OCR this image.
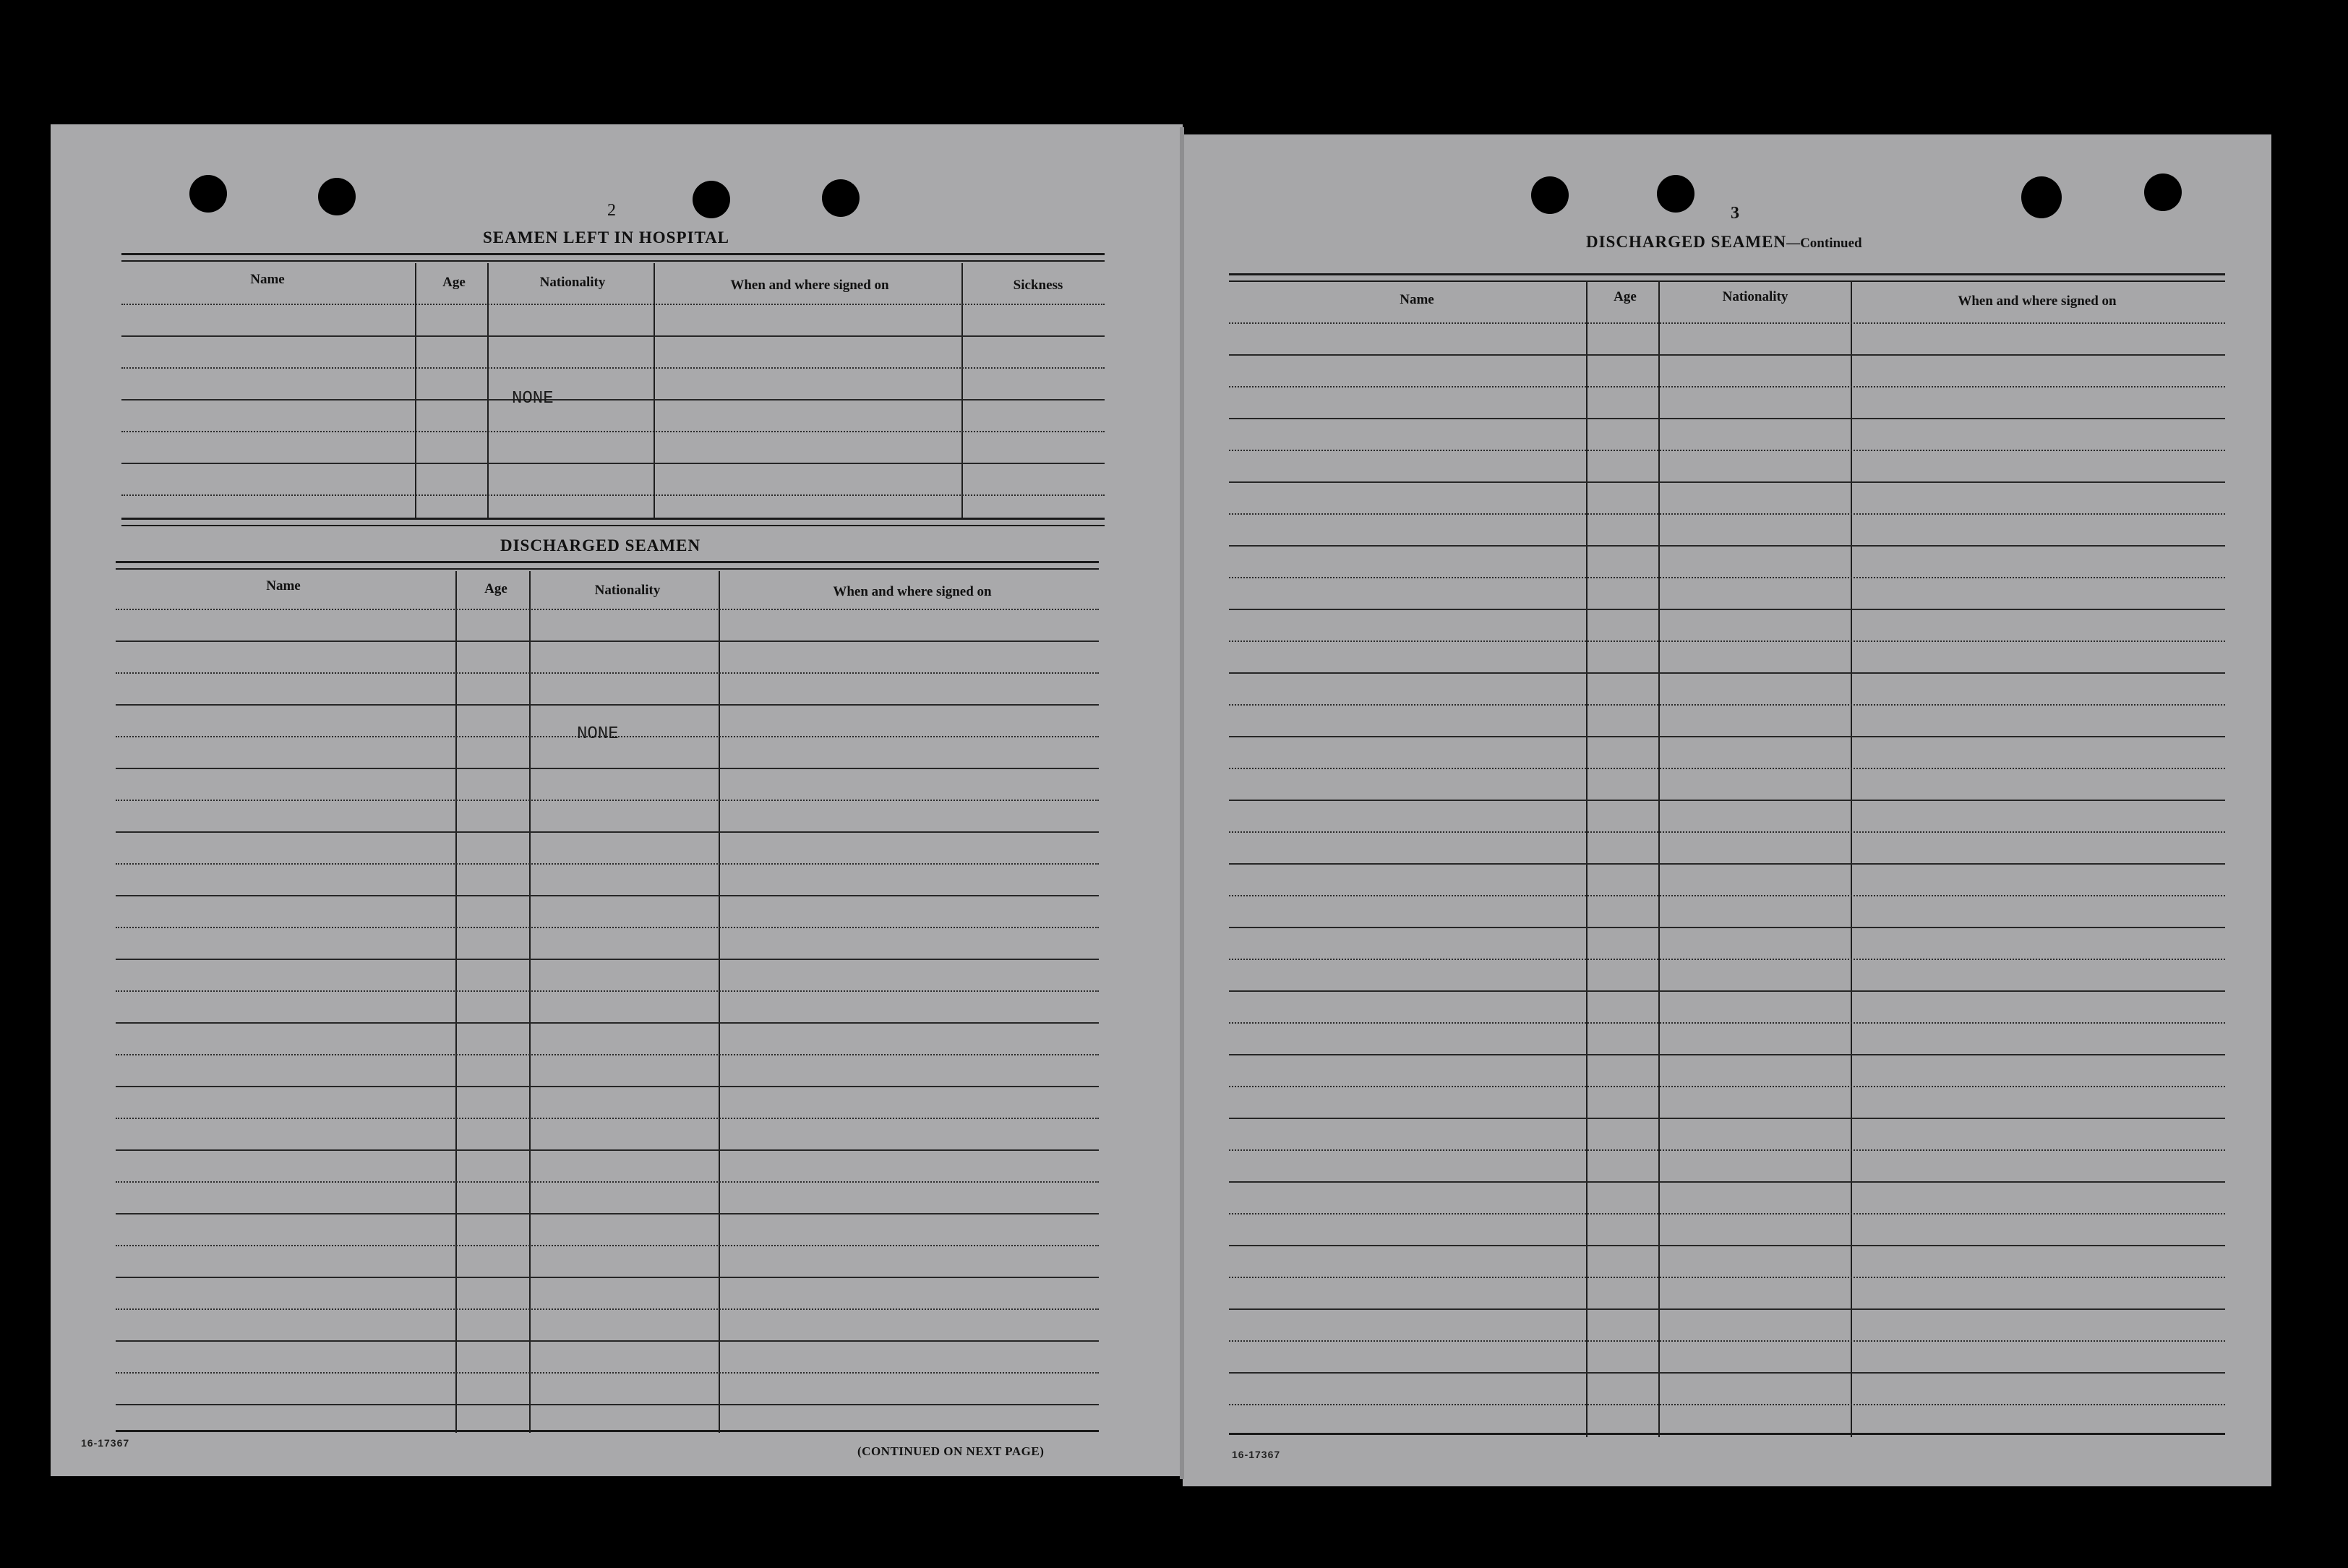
2
SEAMEN LEFT IN HOSPITAL
Name	Age	Nationality	When and where signed on	Sickness
NONE
DISCHARGED SEAMEN
Name	Age	Nationality	When and where signed on
NONE
16-17367
(CONTINUED ON NEXT PAGE)
3
DISCHARGED SEAMEN—Continued
Name	Age	Nationality	When and where signed on
16-17367
